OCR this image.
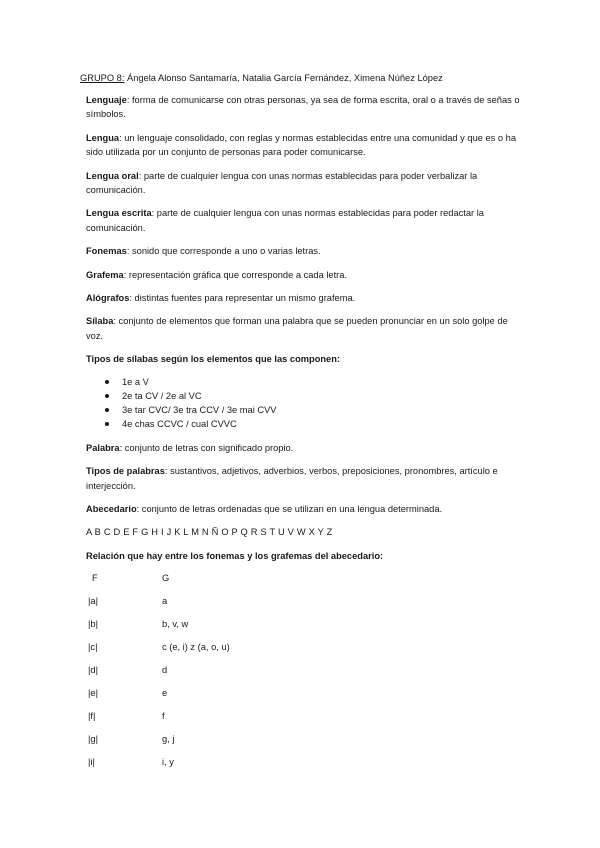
GRUPO 8: Ángela Alonso Santamaría, Natalia García Fernández, Ximena Núñez López

Lenguaje: forma de comunicarse con otras personas, ya sea de forma escrita, oral o a través de señas o símbolos.

Lengua: un lenguaje consolidado, con reglas y normas establecidas entre una comunidad y que es o ha sido utilizada por un conjunto de personas para poder comunicarse.

Lengua oral: parte de cualquier lengua con unas normas establecidas para poder verbalizar la comunicación.

Lengua escrita: parte de cualquier lengua con unas normas establecidas para poder redactar la comunicación.

Fonemas: sonido que corresponde a uno o varias letras.

Grafema: representación gráfica que corresponde a cada letra.

Alógrafos: distintas fuentes para representar un mismo grafema.

Sílaba: conjunto de elementos que forman una palabra que se pueden pronunciar en un solo golpe de voz.

Tipos de sílabas según los elementos que las componen:

1e a V
2e ta CV / 2e al VC
3e tar CVC/ 3e tra CCV / 3e mai CVV
4e chas CCVC / cual CVVC

Palabra: conjunto de letras con significado propio.

Tipos de palabras: sustantivos, adjetivos, adverbios, verbos, preposiciones, pronombres, artículo e interjección.

Abecedario: conjunto de letras ordenadas que se utilizan en una lengua determinada.

A B C D E F G H I J K L M N Ñ O P Q R S T U V W X Y Z

Relación que hay entre los fonemas y los grafemas del abecedario:

F	G
|a|	a
|b|	b, v, w
|c|	c (e, i) z (a, o, u)
|d|	d
|e|	e
|f|	f
|g|	g, j
|i|	i, y
